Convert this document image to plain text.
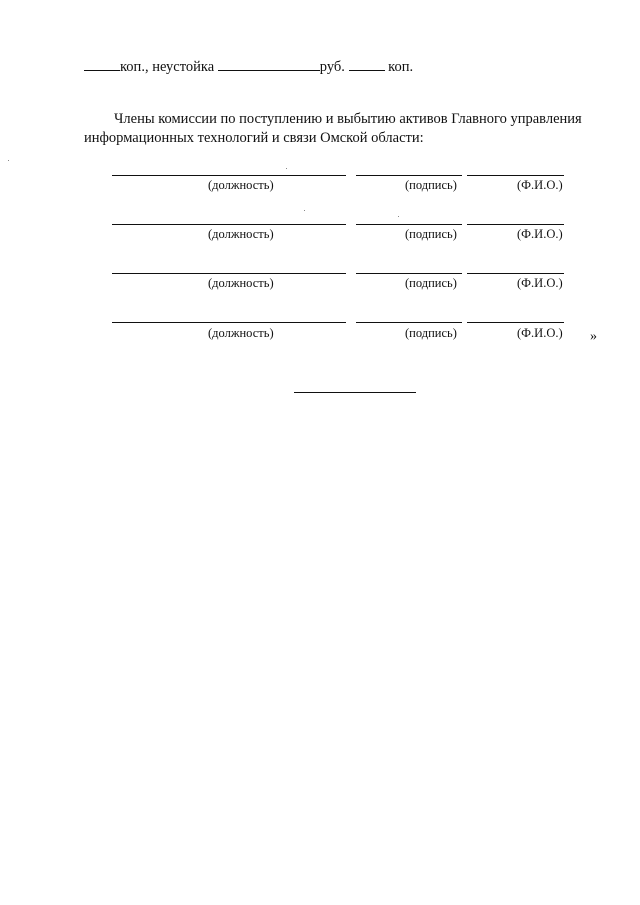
коп., неустойка	руб.	коп.
Члены комиссии по поступлению и выбытию активов Главного управления информационных технологий и связи Омской области:
(должность)	(подпись)	(Ф.И.О.)
(должность)	(подпись)	(Ф.И.О.)
(должность)	(подпись)	(Ф.И.О.)
(должность)	(подпись)	(Ф.И.О.) »
